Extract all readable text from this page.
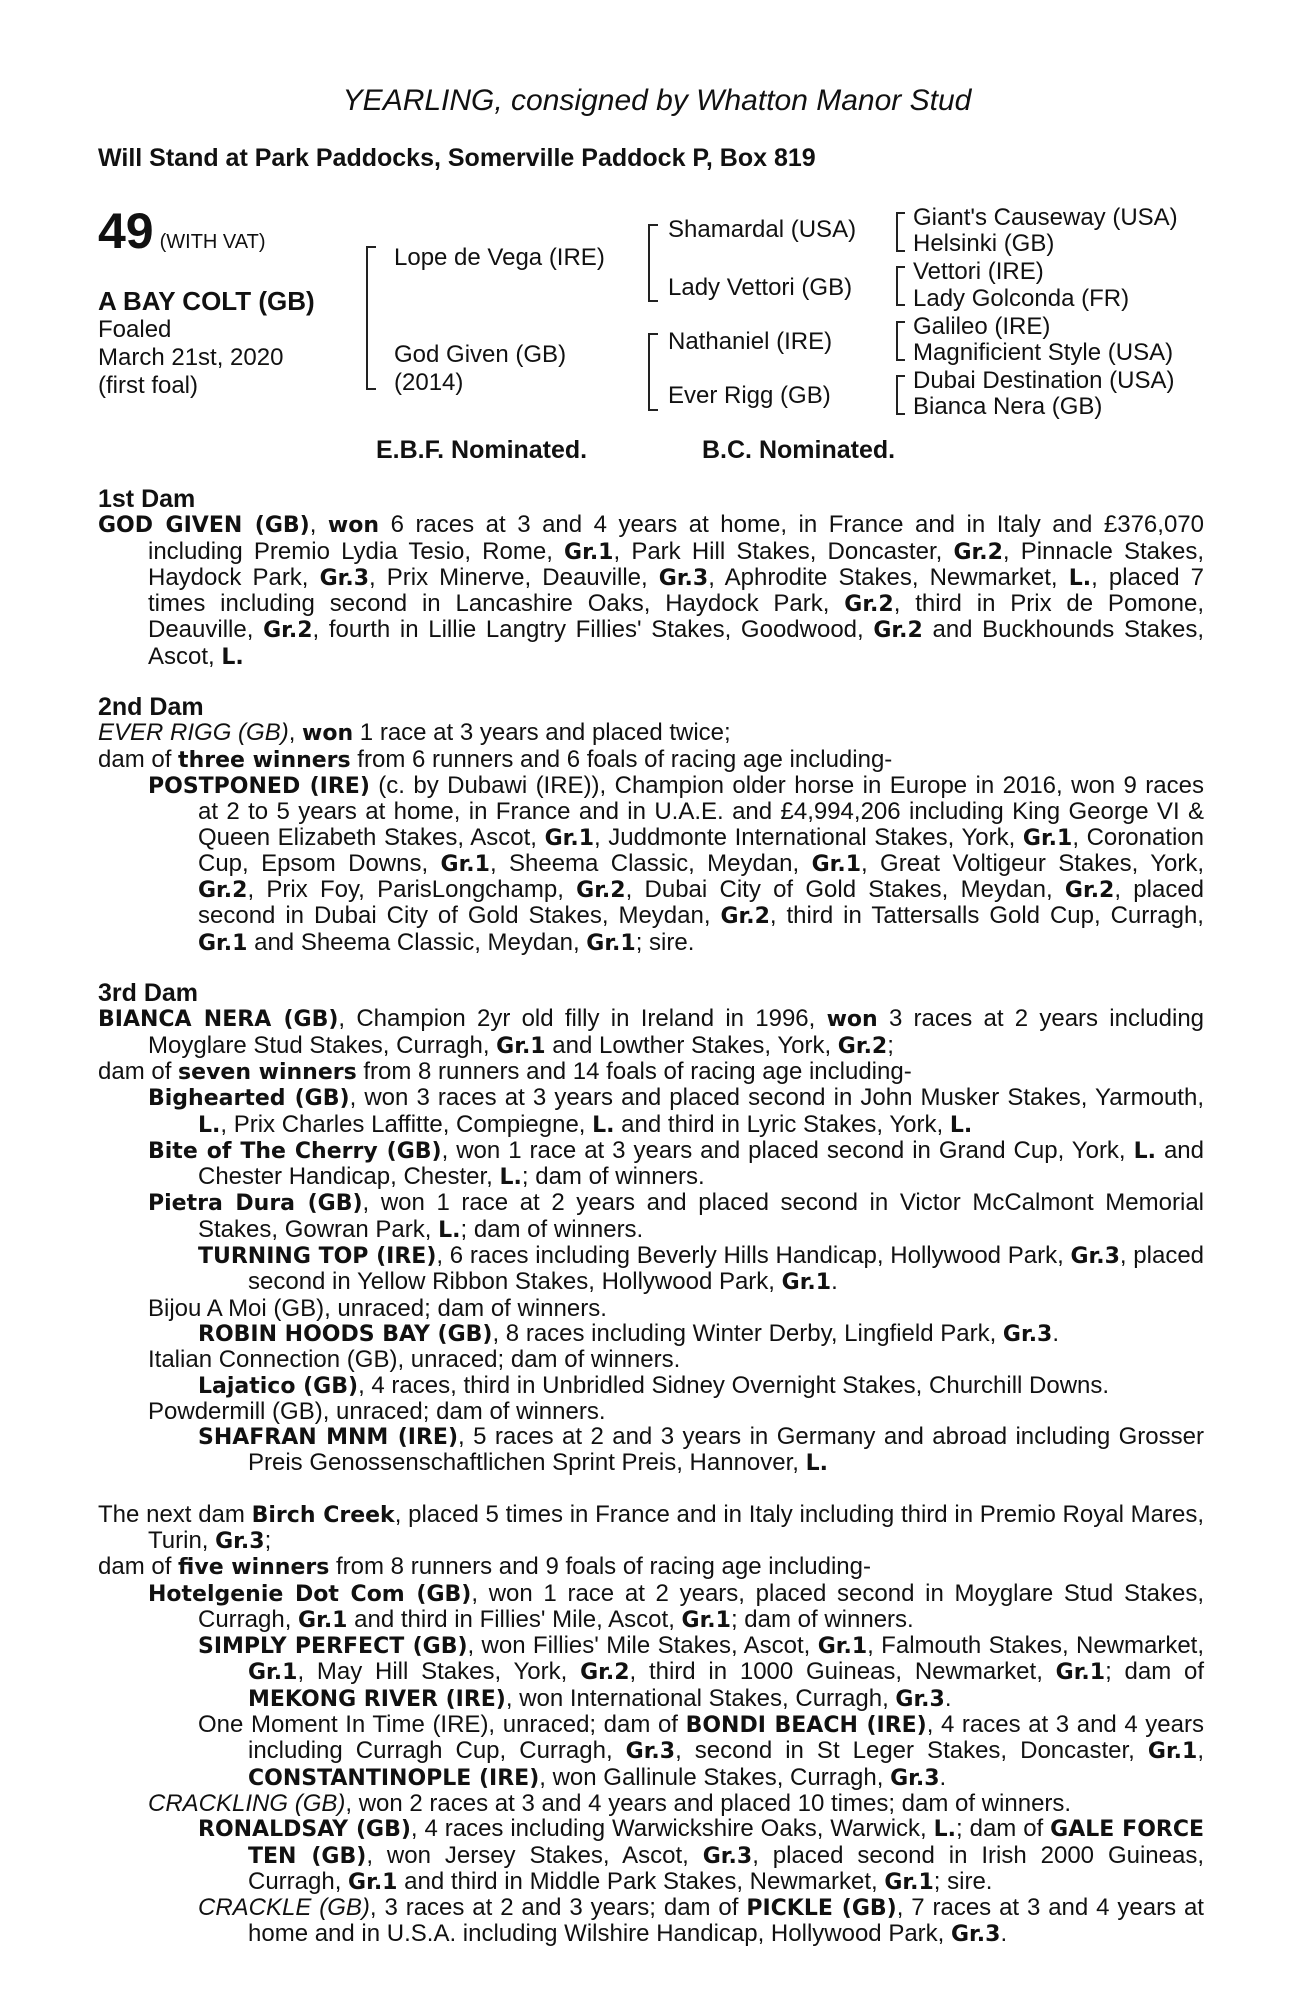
YEARLING, consigned by Whatton Manor Stud
Will Stand at Park Paddocks, Somerville Paddock P, Box 819
49 (WITH VAT)
A BAY COLT (GB)
Foaled
March 21st, 2020
(first foal)
Lope de Vega (IRE)
God Given (GB)
(2014)
Shamardal (USA)
Lady Vettori (GB)
Nathaniel (IRE)
Ever Rigg (GB)
Giant's Causeway (USA)
Helsinki (GB)
Vettori (IRE)
Lady Golconda (FR)
Galileo (IRE)
Magnificient Style (USA)
Dubai Destination (USA)
Bianca Nera (GB)
E.B.F. Nominated.	B.C. Nominated.
1st Dam

GOD GIVEN (GB), won 6 races at 3 and 4 years at home, in France and in Italy and £376,070 including Premio Lydia Tesio, Rome, Gr.1, Park Hill Stakes, Doncaster, Gr.2, Pinnacle Stakes, Haydock Park, Gr.3, Prix Minerve, Deauville, Gr.3, Aphrodite Stakes, Newmarket, L., placed 7 times including second in Lancashire Oaks, Haydock Park, Gr.2, third in Prix de Pomone, Deauville, Gr.2, fourth in Lillie Langtry Fillies' Stakes, Goodwood, Gr.2 and Buckhounds Stakes, Ascot, L.

2nd Dam

EVER RIGG (GB), won 1 race at 3 years and placed twice;

dam of three winners from 6 runners and 6 foals of racing age including-

POSTPONED (IRE) (c. by Dubawi (IRE)), Champion older horse in Europe in 2016, won 9 races at 2 to 5 years at home, in France and in U.A.E. and £4,994,206 including King George VI & Queen Elizabeth Stakes, Ascot, Gr.1, Juddmonte International Stakes, York, Gr.1, Coronation Cup, Epsom Downs, Gr.1, Sheema Classic, Meydan, Gr.1, Great Voltigeur Stakes, York, Gr.2, Prix Foy, ParisLongchamp, Gr.2, Dubai City of Gold Stakes, Meydan, Gr.2, placed second in Dubai City of Gold Stakes, Meydan, Gr.2, third in Tattersalls Gold Cup, Curragh, Gr.1 and Sheema Classic, Meydan, Gr.1; sire.

3rd Dam

BIANCA NERA (GB), Champion 2yr old filly in Ireland in 1996, won 3 races at 2 years including Moyglare Stud Stakes, Curragh, Gr.1 and Lowther Stakes, York, Gr.2;

dam of seven winners from 8 runners and 14 foals of racing age including-

Bighearted (GB), won 3 races at 3 years and placed second in John Musker Stakes, Yarmouth, L., Prix Charles Laffitte, Compiegne, L. and third in Lyric Stakes, York, L.

Bite of The Cherry (GB), won 1 race at 3 years and placed second in Grand Cup, York, L. and Chester Handicap, Chester, L.; dam of winners.

Pietra Dura (GB), won 1 race at 2 years and placed second in Victor McCalmont Memorial Stakes, Gowran Park, L.; dam of winners.

TURNING TOP (IRE), 6 races including Beverly Hills Handicap, Hollywood Park, Gr.3, placed second in Yellow Ribbon Stakes, Hollywood Park, Gr.1.

Bijou A Moi (GB), unraced; dam of winners.

ROBIN HOODS BAY (GB), 8 races including Winter Derby, Lingfield Park, Gr.3.

Italian Connection (GB), unraced; dam of winners.

Lajatico (GB), 4 races, third in Unbridled Sidney Overnight Stakes, Churchill Downs.

Powdermill (GB), unraced; dam of winners.

SHAFRAN MNM (IRE), 5 races at 2 and 3 years in Germany and abroad including Grosser Preis Genossenschaftlichen Sprint Preis, Hannover, L.

The next dam Birch Creek, placed 5 times in France and in Italy including third in Premio Royal Mares, Turin, Gr.3;

dam of five winners from 8 runners and 9 foals of racing age including-

Hotelgenie Dot Com (GB), won 1 race at 2 years, placed second in Moyglare Stud Stakes, Curragh, Gr.1 and third in Fillies' Mile, Ascot, Gr.1; dam of winners.

SIMPLY PERFECT (GB), won Fillies' Mile Stakes, Ascot, Gr.1, Falmouth Stakes, Newmarket, Gr.1, May Hill Stakes, York, Gr.2, third in 1000 Guineas, Newmarket, Gr.1; dam of MEKONG RIVER (IRE), won International Stakes, Curragh, Gr.3.

One Moment In Time (IRE), unraced; dam of BONDI BEACH (IRE), 4 races at 3 and 4 years including Curragh Cup, Curragh, Gr.3, second in St Leger Stakes, Doncaster, Gr.1, CONSTANTINOPLE (IRE), won Gallinule Stakes, Curragh, Gr.3.

CRACKLING (GB), won 2 races at 3 and 4 years and placed 10 times; dam of winners.

RONALDSAY (GB), 4 races including Warwickshire Oaks, Warwick, L.; dam of GALE FORCE TEN (GB), won Jersey Stakes, Ascot, Gr.3, placed second in Irish 2000 Guineas, Curragh, Gr.1 and third in Middle Park Stakes, Newmarket, Gr.1; sire.

CRACKLE (GB), 3 races at 2 and 3 years; dam of PICKLE (GB), 7 races at 3 and 4 years at home and in U.S.A. including Wilshire Handicap, Hollywood Park, Gr.3.
